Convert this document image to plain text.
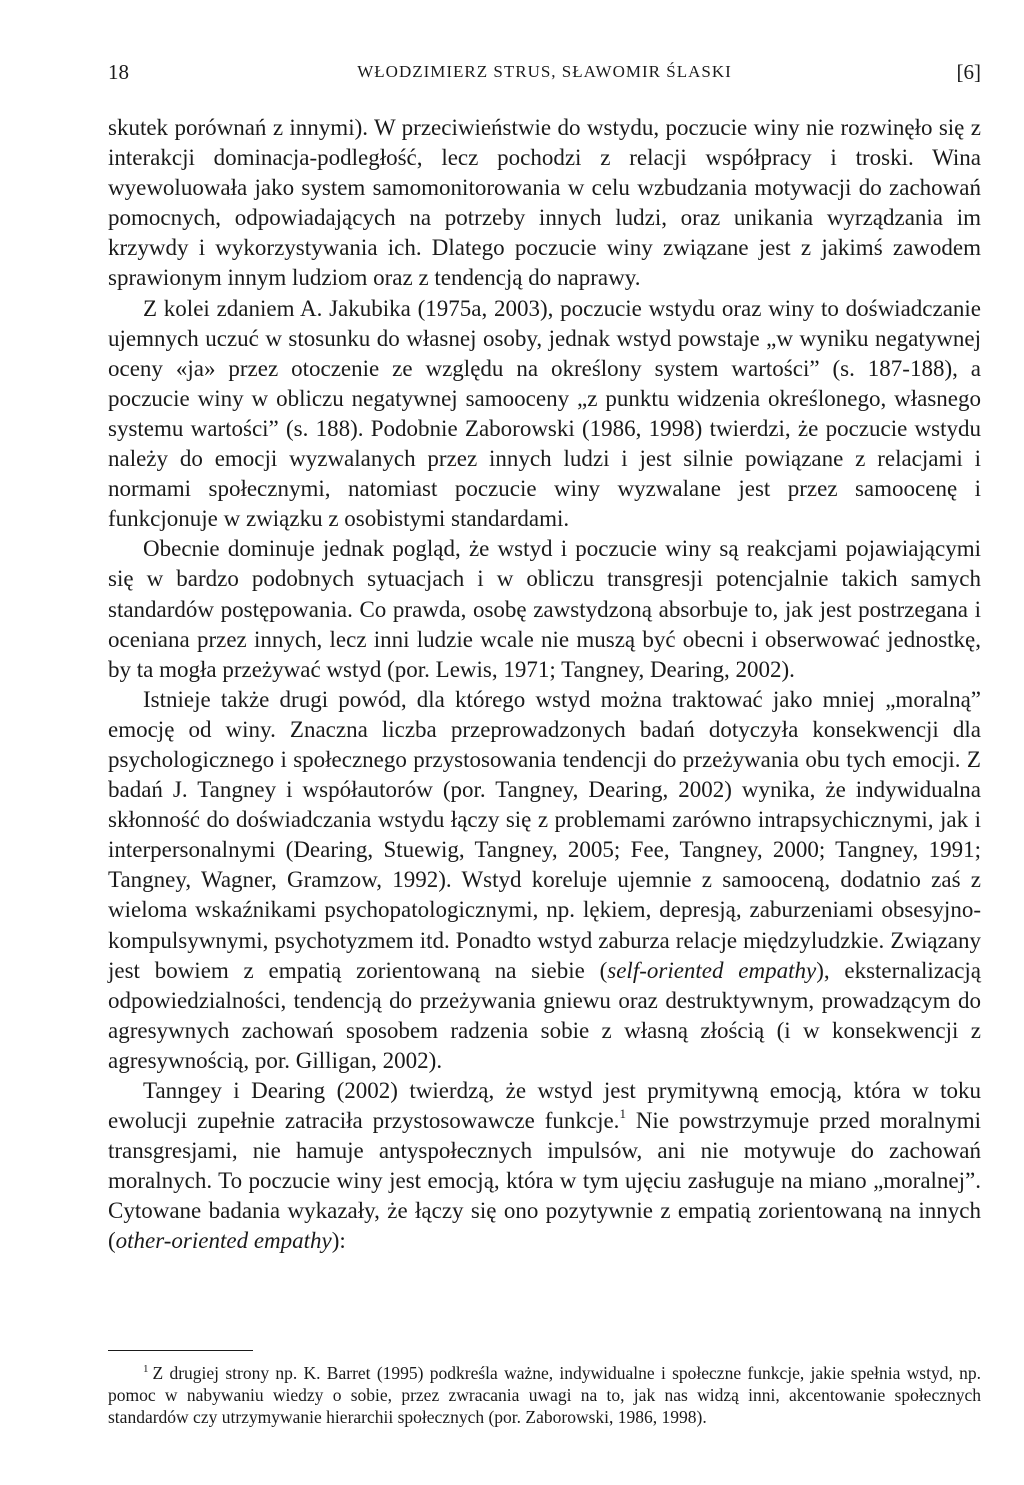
18	WŁODZIMIERZ STRUS, SŁAWOMIR ŚLASKI	[6]

skutek porównań z innymi). W przeciwieństwie do wstydu, poczucie winy nie rozwinęło się z interakcji dominacja-podległość, lecz pochodzi z relacji współpracy i troski. Wina wyewoluowała jako system samomonitorowania w celu wzbudzania motywacji do zachowań pomocnych, odpowiadających na potrzeby innych ludzi, oraz unikania wyrządzania im krzywdy i wykorzystywania ich. Dlatego poczucie winy związane jest z jakimś zawodem sprawionym innym ludziom oraz z tendencją do naprawy.

Z kolei zdaniem A. Jakubika (1975a, 2003), poczucie wstydu oraz winy to doświadczanie ujemnych uczuć w stosunku do własnej osoby, jednak wstyd powstaje „w wyniku negatywnej oceny «ja» przez otoczenie ze względu na określony system wartości” (s. 187-188), a poczucie winy w obliczu negatywnej samooceny „z punktu widzenia określonego, własnego systemu wartości” (s. 188). Podobnie Zaborowski (1986, 1998) twierdzi, że poczucie wstydu należy do emocji wyzwalanych przez innych ludzi i jest silnie powiązane z relacjami i normami społecznymi, natomiast poczucie winy wyzwalane jest przez samoocenę i funkcjonuje w związku z osobistymi standardami.

Obecnie dominuje jednak pogląd, że wstyd i poczucie winy są reakcjami pojawiającymi się w bardzo podobnych sytuacjach i w obliczu transgresji potencjalnie takich samych standardów postępowania. Co prawda, osobę zawstydzoną absorbuje to, jak jest postrzegana i oceniana przez innych, lecz inni ludzie wcale nie muszą być obecni i obserwować jednostkę, by ta mogła przeżywać wstyd (por. Lewis, 1971; Tangney, Dearing, 2002).

Istnieje także drugi powód, dla którego wstyd można traktować jako mniej „moralną” emocję od winy. Znaczna liczba przeprowadzonych badań dotyczyła konsekwencji dla psychologicznego i społecznego przystosowania tendencji do przeżywania obu tych emocji. Z badań J. Tangney i współautorów (por. Tangney, Dearing, 2002) wynika, że indywidualna skłonność do doświadczania wstydu łączy się z problemami zarówno intrapsychicznymi, jak i interpersonalnymi (Dearing, Stuewig, Tangney, 2005; Fee, Tangney, 2000; Tangney, 1991; Tangney, Wagner, Gramzow, 1992). Wstyd koreluje ujemnie z samooceną, dodatnio zaś z wieloma wskaźnikami psychopatologicznymi, np. lękiem, depresją, zaburzeniami obsesyjno-kompulsywnymi, psychotyzmem itd. Ponadto wstyd zaburza relacje międzyludzkie. Związany jest bowiem z empatią zorientowaną na siebie (self-oriented empathy), eksternalizacją odpowiedzialności, tendencją do przeżywania gniewu oraz destruktywnym, prowadzącym do agresywnych zachowań sposobem radzenia sobie z własną złością (i w konsekwencji z agresywnością, por. Gilligan, 2002).

Tanngey i Dearing (2002) twierdzą, że wstyd jest prymitywną emocją, która w toku ewolucji zupełnie zatraciła przystosowawcze funkcje.$^1$ Nie powstrzymuje przed moralnymi transgresjami, nie hamuje antyspołecznych impulsów, ani nie motywuje do zachowań moralnych. To poczucie winy jest emocją, która w tym ujęciu zasługuje na miano „moralnej”. Cytowane badania wykazały, że łączy się ono pozytywnie z empatią zorientowaną na innych (other-oriented empathy):

$^1$ Z drugiej strony np. K. Barret (1995) podkreśla ważne, indywidualne i społeczne funkcje, jakie spełnia wstyd, np. pomoc w nabywaniu wiedzy o sobie, przez zwracania uwagi na to, jak nas widzą inni, akcentowanie społecznych standardów czy utrzymywanie hierarchii społecznych (por. Zaborowski, 1986, 1998).
